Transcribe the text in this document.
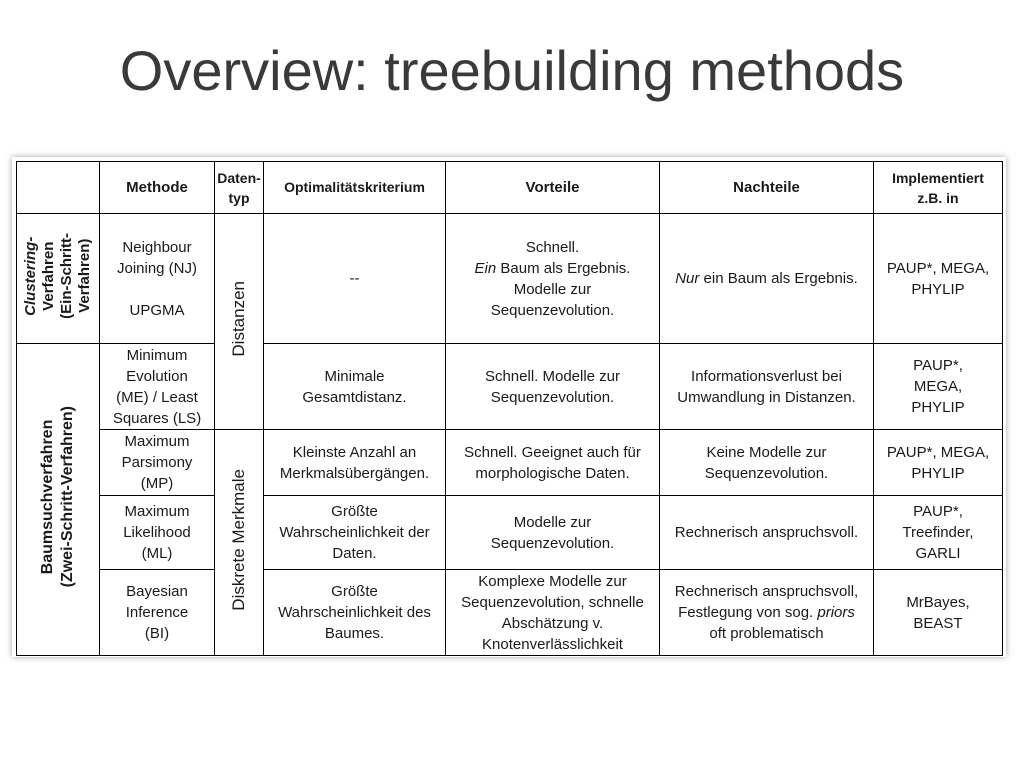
Overview: treebuilding methods
	Methode	Daten-
typ	Optimalitätskriterium	Vorteile	Nachteile	Implementiert
z.B. in

Clustering-
Verfahren
(Ein-Schritt-
Verfahren)	Neighbour
Joining (NJ)
UPGMA	Distanzen	--	Schnell.
Ein Baum als Ergebnis.
Modelle zur
Sequenzevolution.	Nur ein Baum als Ergebnis.	PAUP*, MEGA,
PHYLIP

Baumsuchverfahren (Zwei-Schritt-Verfahren)	Minimum
Evolution
(ME) / Least
Squares (LS)		Minimale
Gesamtdistanz.	Schnell. Modelle zur
Sequenzevolution.	Informationsverlust bei
Umwandlung in Distanzen.	PAUP*,
MEGA,
PHYLIP

	Maximum
Parsimony
(MP)	Diskrete Merkmale	Kleinste Anzahl an
Merkmalsübergängen.	Schnell. Geeignet auch für
morphologische Daten.	Keine Modelle zur
Sequenzevolution.	PAUP*, MEGA,
PHYLIP

	Maximum
Likelihood
(ML)		Größte
Wahrscheinlichkeit der
Daten.	Modelle zur
Sequenzevolution.	Rechnerisch anspruchsvoll.	PAUP*,
Treefinder,
GARLI

	Bayesian
Inference
(BI)		Größte
Wahrscheinlichkeit des
Baumes.	Komplexe Modelle zur
Sequenzevolution, schnelle
Abschätzung v.
Knotenverlässlichkeit	Rechnerisch anspruchsvoll,
Festlegung von sog. priors
oft problematisch	MrBayes,
BEAST
